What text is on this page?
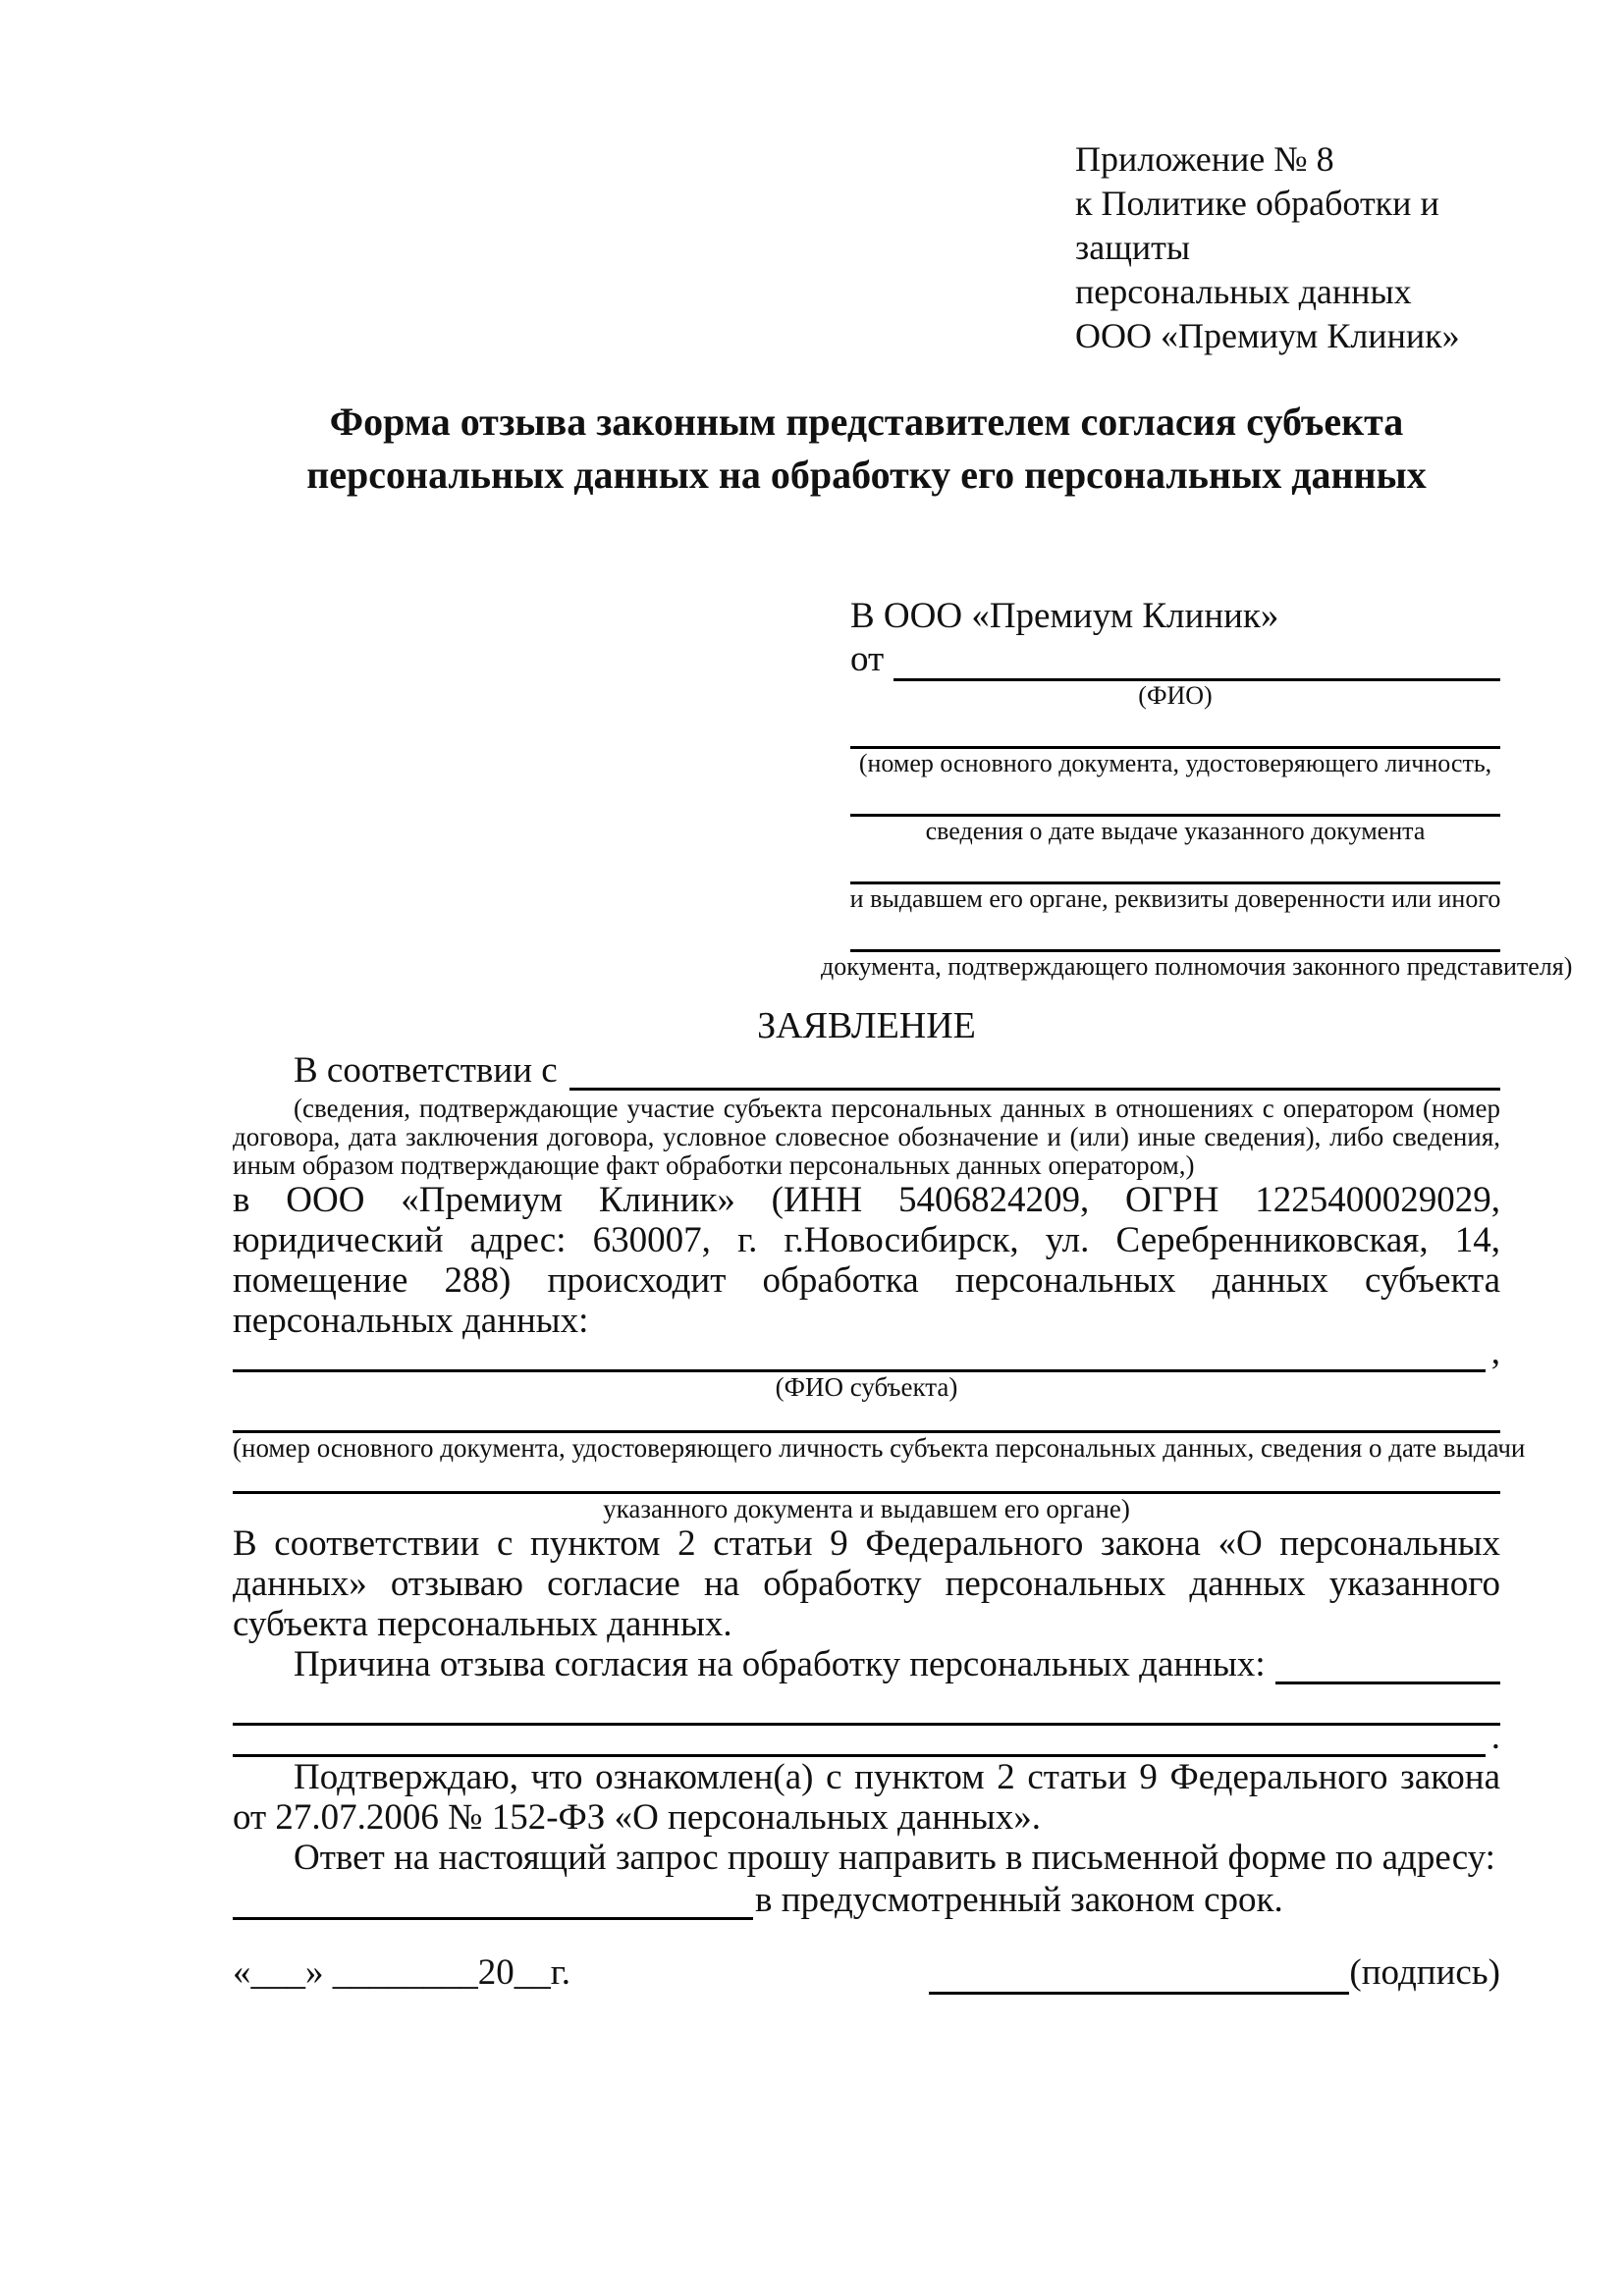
Приложение № 8
к Политике обработки и защиты
персональных данных
ООО «Премиум Клиник»
Форма отзыва законным представителем согласия субъекта персональных данных на обработку его персональных данных
В ООО «Премиум Клиник»
от
(ФИО)
(номер основного документа, удостоверяющего личность,
сведения о дате выдаче указанного документа
и выдавшем его органе, реквизиты доверенности или иного
документа, подтверждающего полномочия законного представителя)
ЗАЯВЛЕНИЕ
В соответствии с
(сведения, подтверждающие участие субъекта персональных данных в отношениях с оператором (номер договора, дата заключения договора, условное словесное обозначение и (или) иные сведения), либо сведения, иным образом подтверждающие факт обработки персональных данных оператором,)

в ООО «Премиум Клиник» (ИНН 5406824209, ОГРН 1225400029029, юридический адрес: 630007, г. г.Новосибирск, ул. Серебренниковская, 14, помещение 288) происходит обработка персональных данных субъекта персональных данных:

,
(ФИО субъекта)
(номер основного документа, удостоверяющего личность субъекта персональных данных, сведения о дате выдачи
указанного документа и выдавшем его органе)

В соответствии с пунктом 2 статьи 9 Федерального закона «О персональных данных» отзываю согласие на обработку персональных данных указанного субъекта персональных данных.

Причина отзыва согласия на обработку персональных данных:
.

Подтверждаю, что ознакомлен(а) с пунктом 2 статьи 9 Федерального закона от 27.07.2006 № 152-ФЗ «О персональных данных».

Ответ на настоящий запрос прошу направить в письменной форме по адресу:

в предусмотренный законом срок.
«___» ________20__г.	(подпись)
